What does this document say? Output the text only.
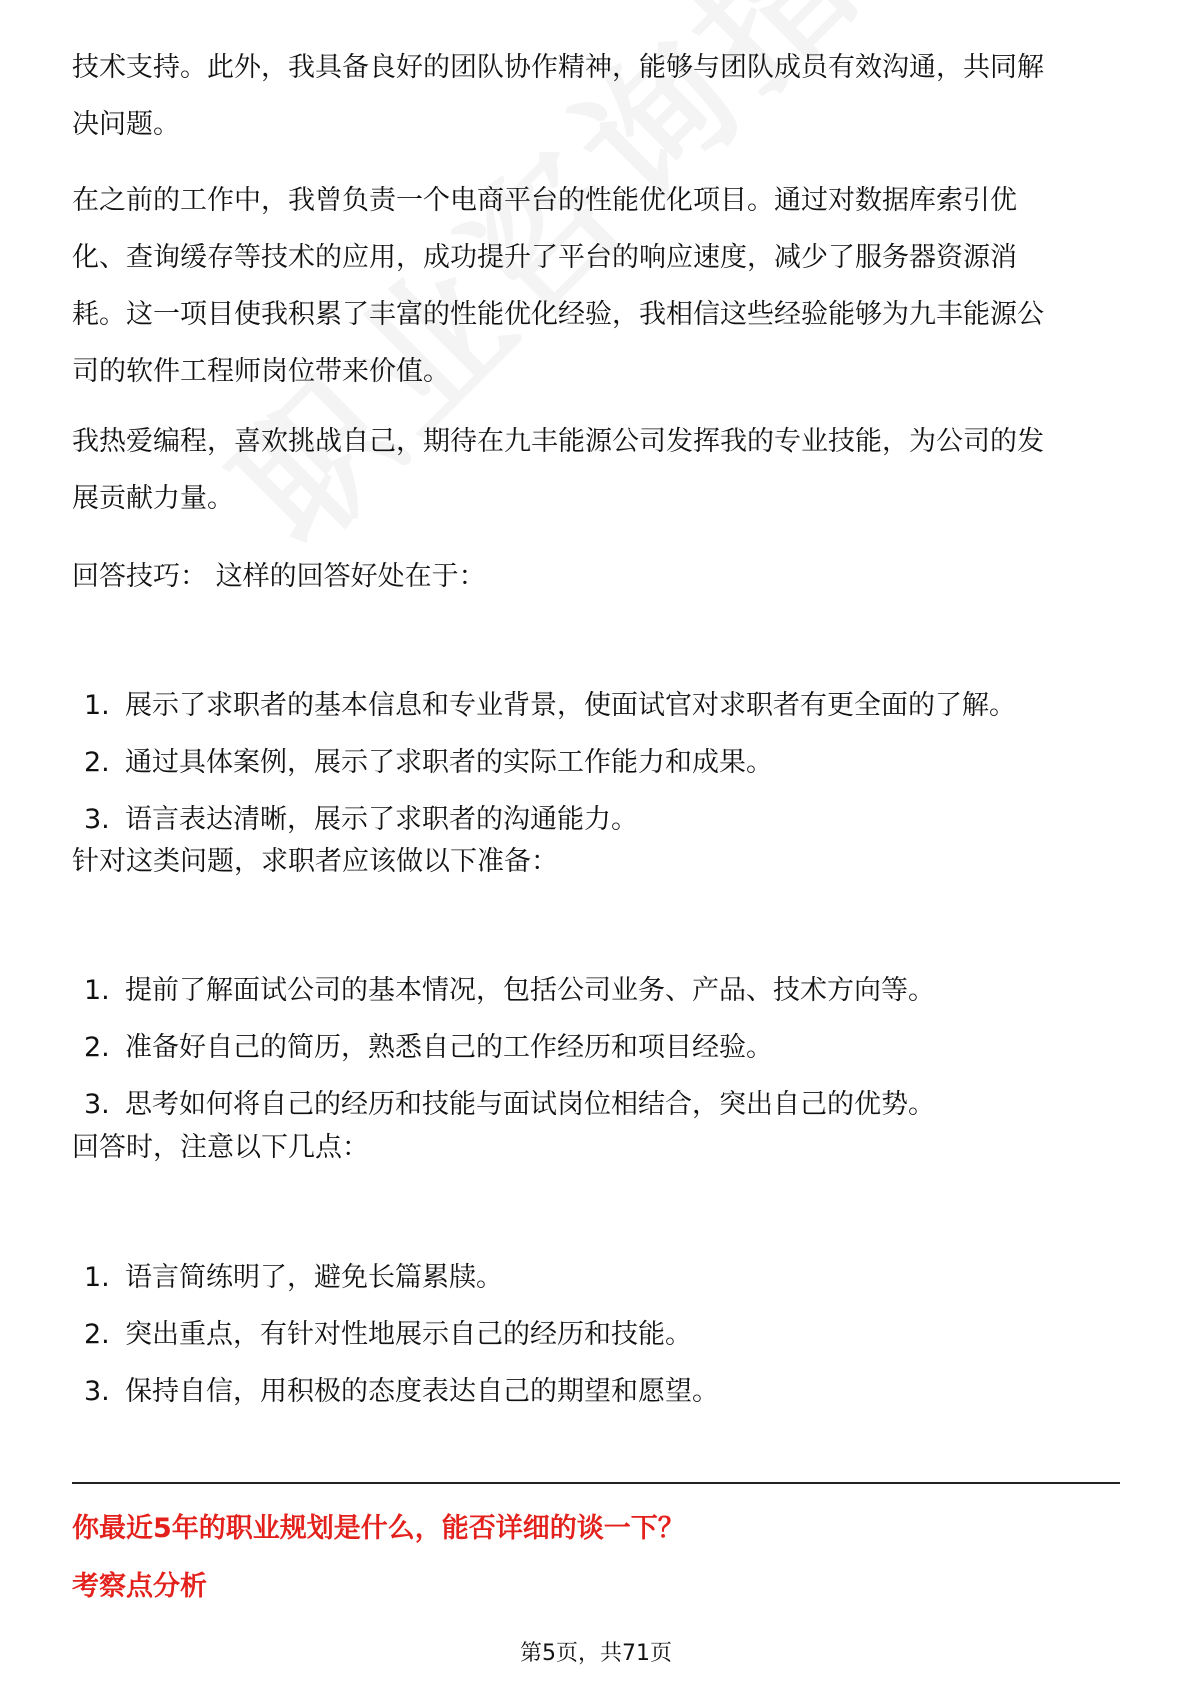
技术支持。此外，我具备良好的团队协作精神，能够与团队成员有效沟通，共同解
决问题。
在之前的工作中，我曾负责一个电商平台的性能优化项目。通过对数据库索引优
化、查询缓存等技术的应用，成功提升了平台的响应速度，减少了服务器资源消
耗。这一项目使我积累了丰富的性能优化经验，我相信这些经验能够为九丰能源公
司的软件工程师岗位带来价值。
我热爱编程，喜欢挑战自己，期待在九丰能源公司发挥我的专业技能，为公司的发
展贡献力量。
回答技巧： 这样的回答好处在于：
1. 展示了求职者的基本信息和专业背景，使面试官对求职者有更全面的了解。
2. 通过具体案例，展示了求职者的实际工作能力和成果。
3. 语言表达清晰，展示了求职者的沟通能力。
针对这类问题，求职者应该做以下准备：
1. 提前了解面试公司的基本情况，包括公司业务、产品、技术方向等。
2. 准备好自己的简历，熟悉自己的工作经历和项目经验。
3. 思考如何将自己的经历和技能与面试岗位相结合，突出自己的优势。
回答时，注意以下几点：
1. 语言简练明了，避免长篇累牍。
2. 突出重点，有针对性地展示自己的经历和技能。
3. 保持自信，用积极的态度表达自己的期望和愿望。
你最近5年的职业规划是什么，能否详细的谈一下？
考察点分析
第5页，共71页
